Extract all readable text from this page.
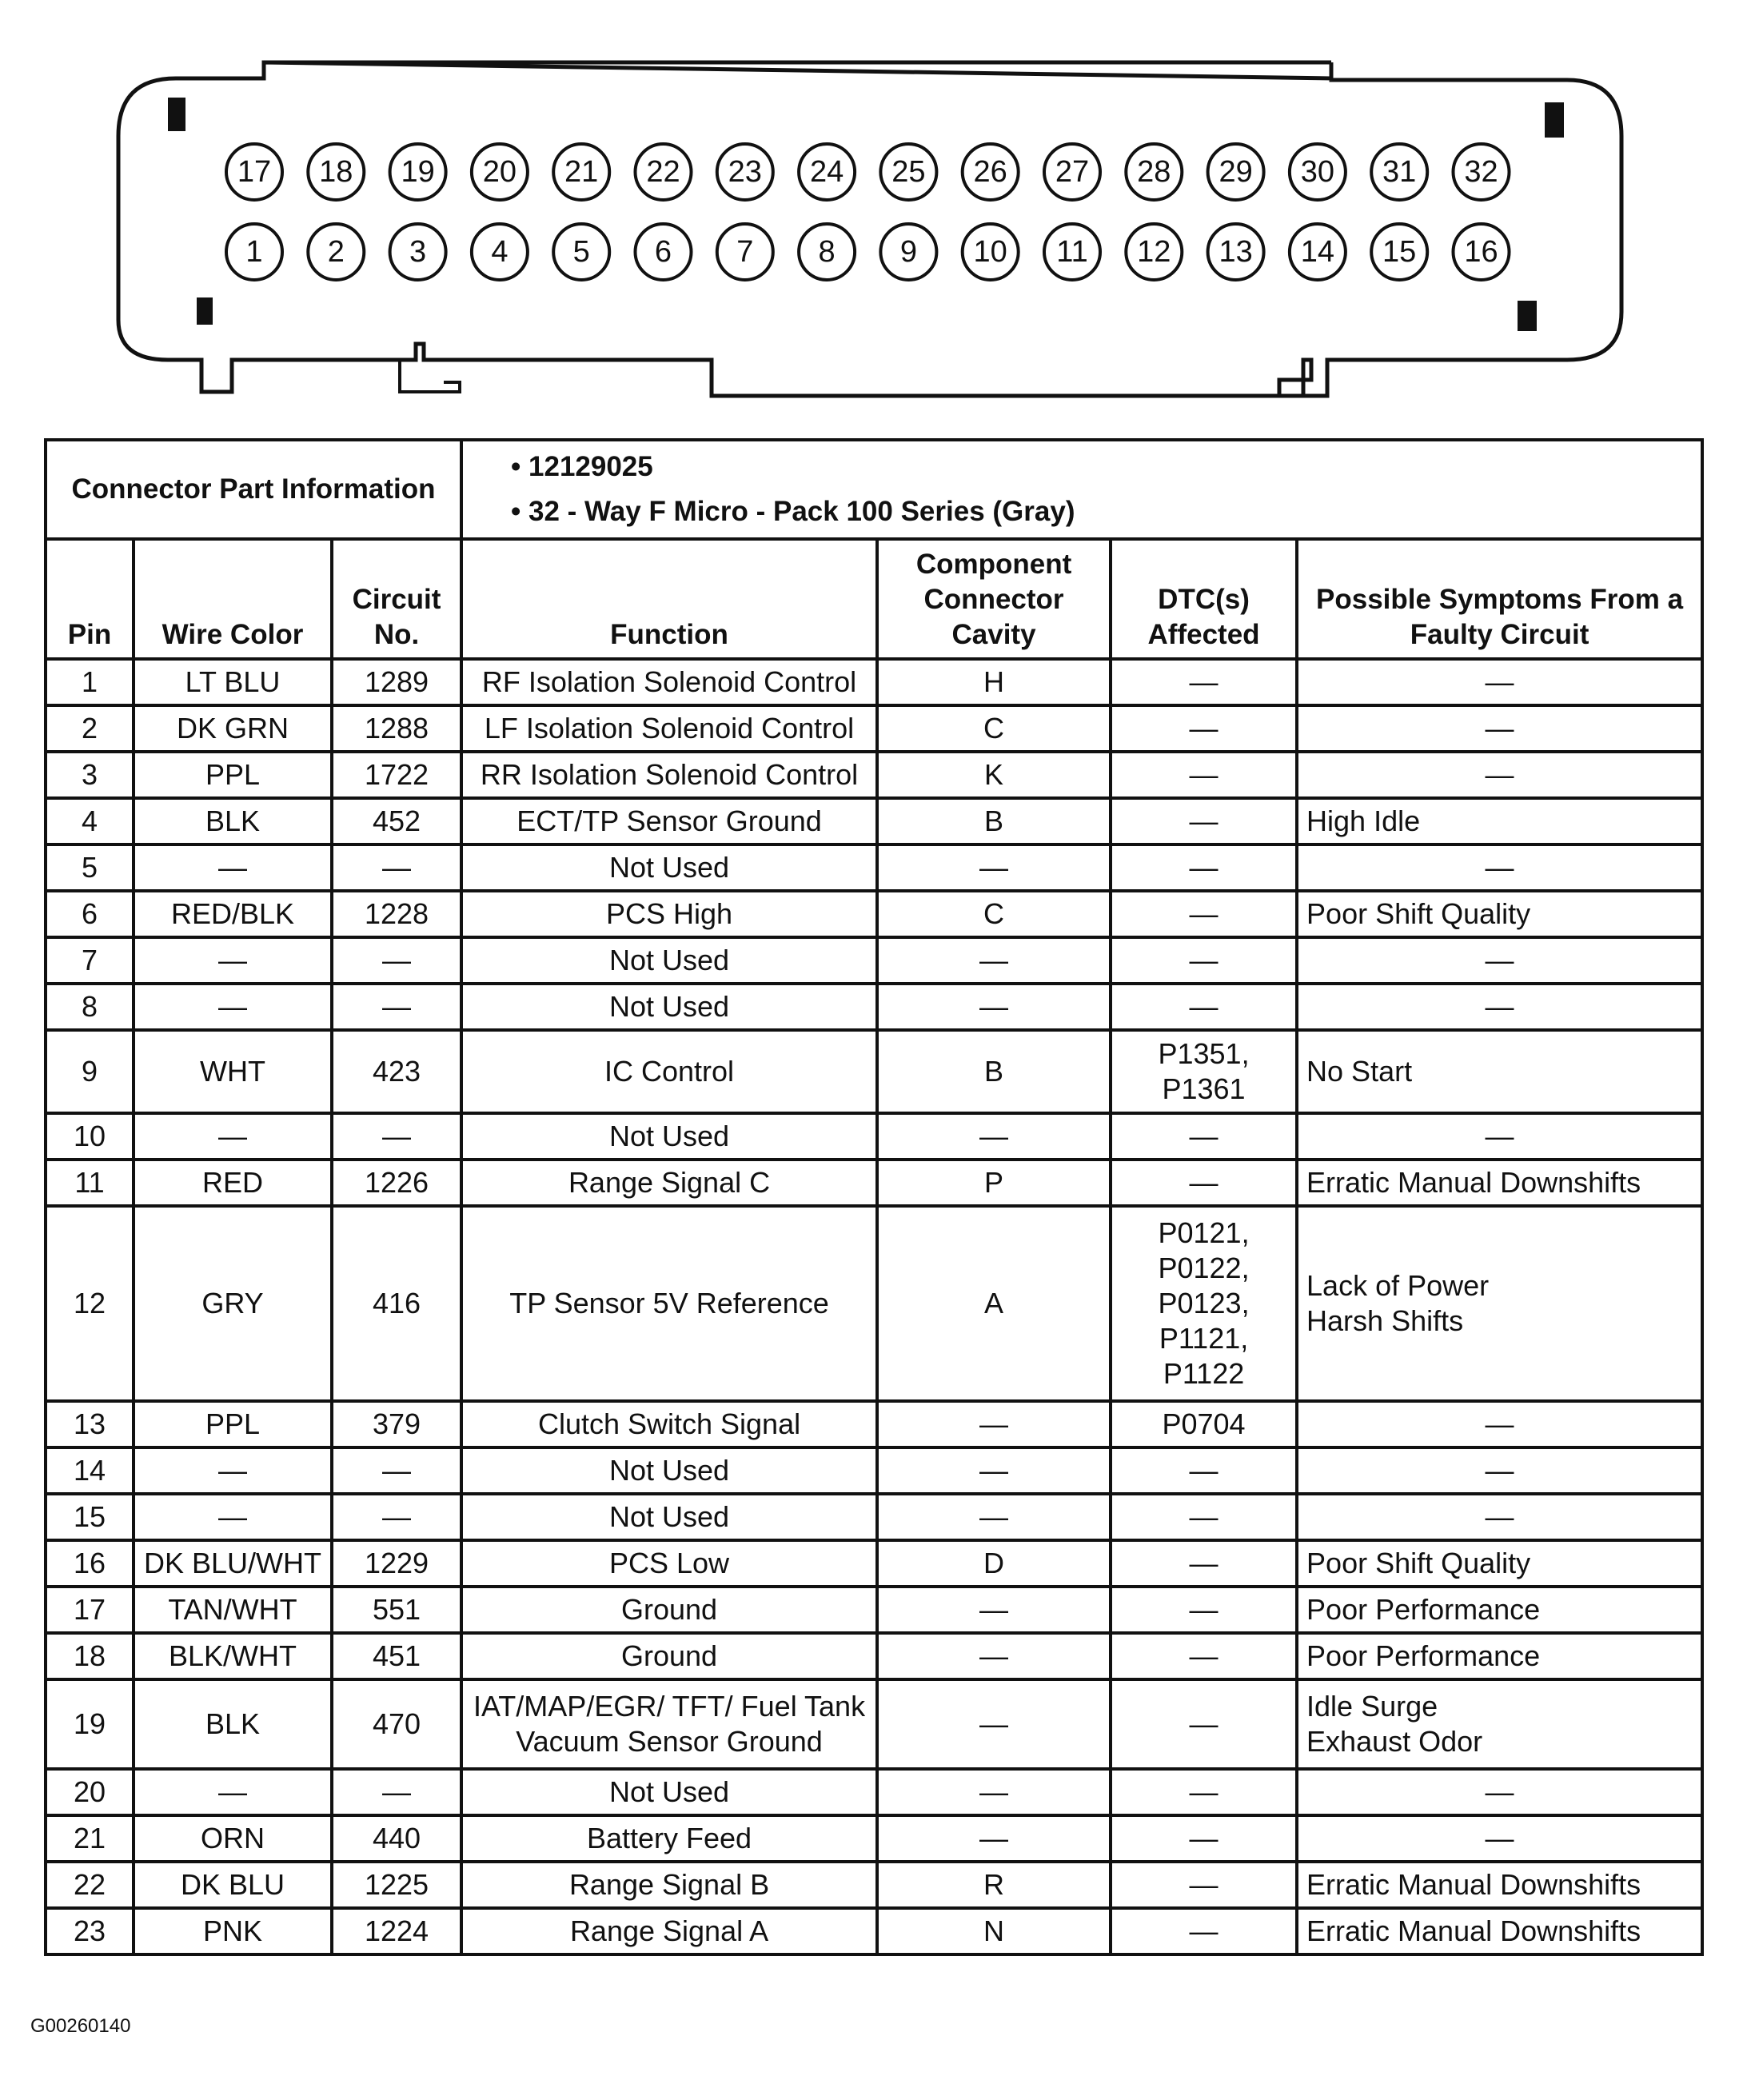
17 18 19 20 21 22 23 24 25 26 27 28 29 30 31 32
1 2 3 4 5 6 7 8 9 10 11 12 13 14 15 16
Connector Part Information			• 12129025
• 32 - Way F Micro - Pack 100 Series (Gray)

Pin	Wire Color	Circuit No.	Function	Component Connector Cavity	DTC(s) Affected	Possible Symptoms From a Faulty Circuit
1	LT BLU	1289	RF Isolation Solenoid Control	H	—	—

2	DK GRN	1288	LF Isolation Solenoid Control	C	—	—

3	PPL	1722	RR Isolation Solenoid Control	K	—	—

4	BLK	452	ECT/TP Sensor Ground	B	—	High Idle

5	—	—	Not Used	—	—	—

6	RED/BLK	1228	PCS High	C	—	Poor Shift Quality

7	—	—	Not Used	—	—	—

8	—	—	Not Used	—	—	—

9	WHT	423	IC Control	B	P1351,
P1361	No Start

10	—	—	Not Used	—	—	—

11	RED	1226	Range Signal C	P	—	Erratic Manual Downshifts

12	GRY	416	TP Sensor 5V Reference	A	P0121,
P0122,
P0123,
P1121,
P1122	Lack of Power
Harsh Shifts

13	PPL	379	Clutch Switch Signal	—	P0704	—

14	—	—	Not Used	—	—	—

15	—	—	Not Used	—	—	—

16	DK BLU/WHT	1229	PCS Low	D	—	Poor Shift Quality

17	TAN/WHT	551	Ground	—	—	Poor Performance

18	BLK/WHT	451	Ground	—	—	Poor Performance

19	BLK	470	IAT/MAP/EGR/ TFT/ Fuel Tank Vacuum Sensor Ground	—	—	Idle Surge
Exhaust Odor

20	—	—	Not Used	—	—	—

21	ORN	440	Battery Feed	—	—	—

22	DK BLU	1225	Range Signal B	R	—	Erratic Manual Downshifts

23	PNK	1224	Range Signal A	N	—	Erratic Manual Downshifts
G00260140
